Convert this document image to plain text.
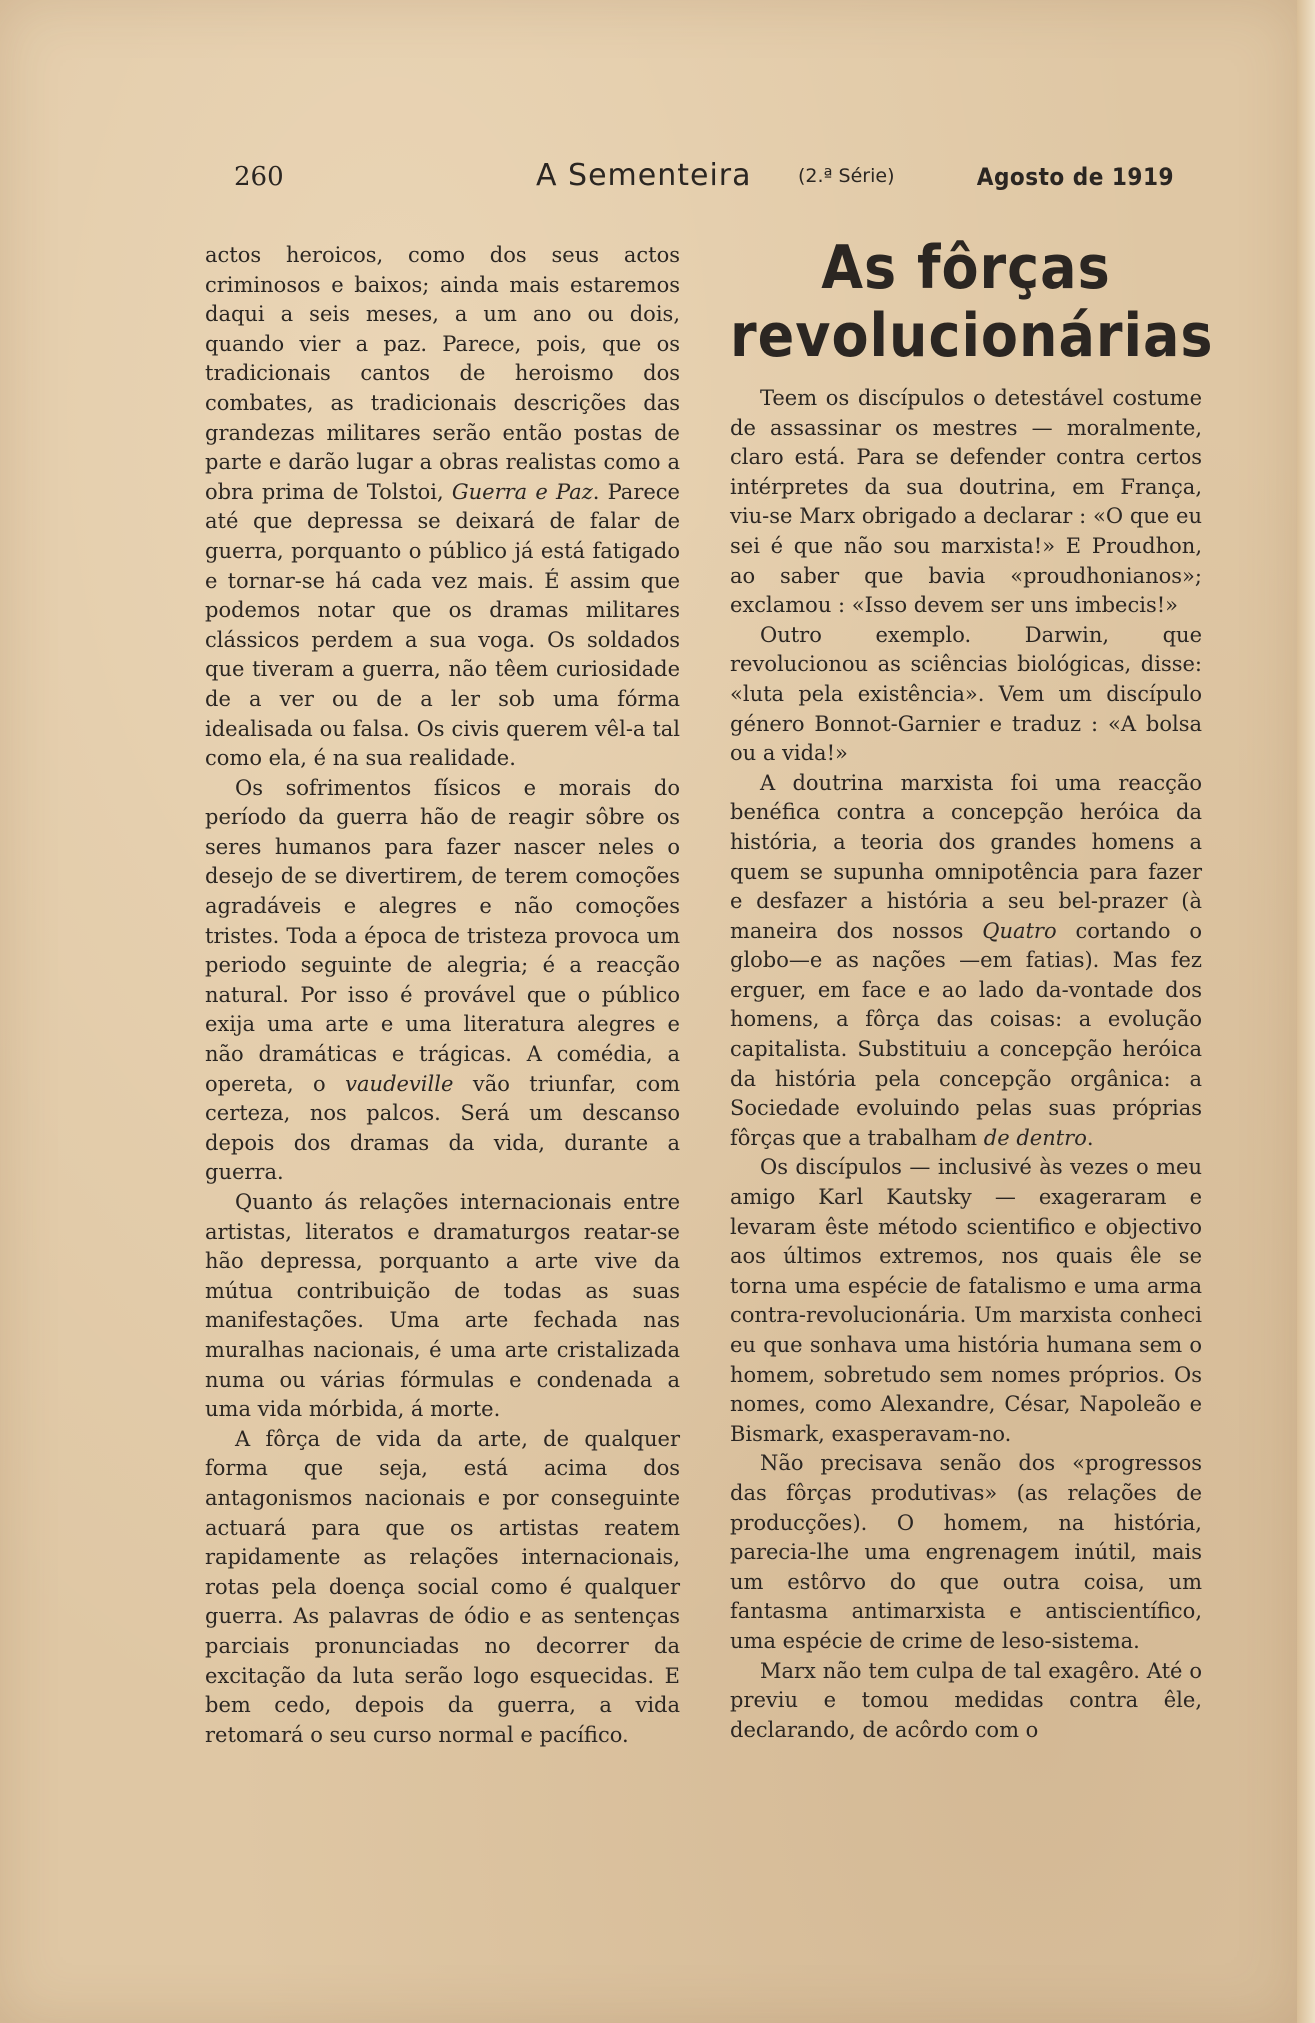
260	A Sementeira (2.ª Série)	Agosto de 1919

actos heroicos, como dos seus actos criminosos e baixos; ainda mais estaremos daqui a seis meses, a um ano ou dois, quando vier a paz. Parece, pois, que os tradicionais cantos de heroismo dos combates, as tradicionais descrições das grandezas militares serão então postas de parte e darão lugar a obras realistas como a obra prima de Tolstoi, Guerra e Paz. Parece até que depressa se deixará de falar de guerra, porquanto o público já está fatigado e tornar-se há cada vez mais. É assim que podemos notar que os dramas militares clássicos perdem a sua voga. Os soldados que tiveram a guerra, não têem curiosidade de a ver ou de a ler sob uma fórma idealisada ou falsa. Os civis querem vêl-a tal como ela, é na sua realidade.

Os sofrimentos físicos e morais do período da guerra hão de reagir sôbre os seres humanos para fazer nascer neles o desejo de se divertirem, de terem comoções agradáveis e alegres e não comoções tristes. Toda a época de tristeza provoca um periodo seguinte de alegria; é a reacção natural. Por isso é provável que o público exija uma arte e uma literatura alegres e não dramáticas e trágicas. A comédia, a opereta, o vaudeville vão triunfar, com certeza, nos palcos. Será um descanso depois dos dramas da vida, durante a guerra.

Quanto ás relações internacionais entre artistas, literatos e dramaturgos reatar-se hão depressa, porquanto a arte vive da mútua contribuição de todas as suas manifestações. Uma arte fechada nas muralhas nacionais, é uma arte cristalizada numa ou várias fórmulas e condenada a uma vida mórbida, á morte.

A fôrça de vida da arte, de qualquer forma que seja, está acima dos antagonismos nacionais e por conseguinte actuará para que os artistas reatem rapidamente as relações internacionais, rotas pela doença social como é qualquer guerra. As palavras de ódio e as sentenças parciais pronunciadas no decorrer da excitação da luta serão logo esquecidas. E bem cedo, depois da guerra, a vida retomará o seu curso normal e pacífico.

As fôrças revolucionárias

Teem os discípulos o detestável costume de assassinar os mestres — moralmente, claro está. Para se defender contra certos intérpretes da sua doutrina, em França, viu-se Marx obrigado a declarar : «O que eu sei é que não sou marxista!» E Proudhon, ao saber que bavia «proudhonianos»; exclamou : «Isso devem ser uns imbecis!»

Outro exemplo. Darwin, que revolucionou as sciências biológicas, disse: «luta pela existência». Vem um discípulo género Bonnot-Garnier e traduz : «A bolsa ou a vida!»

A doutrina marxista foi uma reacção benéfica contra a concepção heróica da história, a teoria dos grandes homens a quem se supunha omnipotência para fazer e desfazer a história a seu bel-prazer (à maneira dos nossos Quatro cortando o globo—e as nações —em fatias). Mas fez erguer, em face e ao lado da-vontade dos homens, a fôrça das coisas: a evolução capitalista. Substituiu a concepção heróica da história pela concepção orgânica: a Sociedade evoluindo pelas suas próprias fôrças que a trabalham de dentro.

Os discípulos — inclusivé às vezes o meu amigo Karl Kautsky — exageraram e levaram êste método scientifico e objectivo aos últimos extremos, nos quais êle se torna uma espécie de fatalismo e uma arma contra-revolucionária. Um marxista conheci eu que sonhava uma história humana sem o homem, sobretudo sem nomes próprios. Os nomes, como Alexandre, César, Napoleão e Bismark, exasperavam-no.

Não precisava senão dos «progressos das fôrças produtivas» (as relações de producções). O homem, na história, parecia-lhe uma engrenagem inútil, mais um estôrvo do que outra coisa, um fantasma antimarxista e antiscientífico, uma espécie de crime de leso-sistema.

Marx não tem culpa de tal exagêro. Até o previu e tomou medidas contra êle, declarando, de acôrdo com o
